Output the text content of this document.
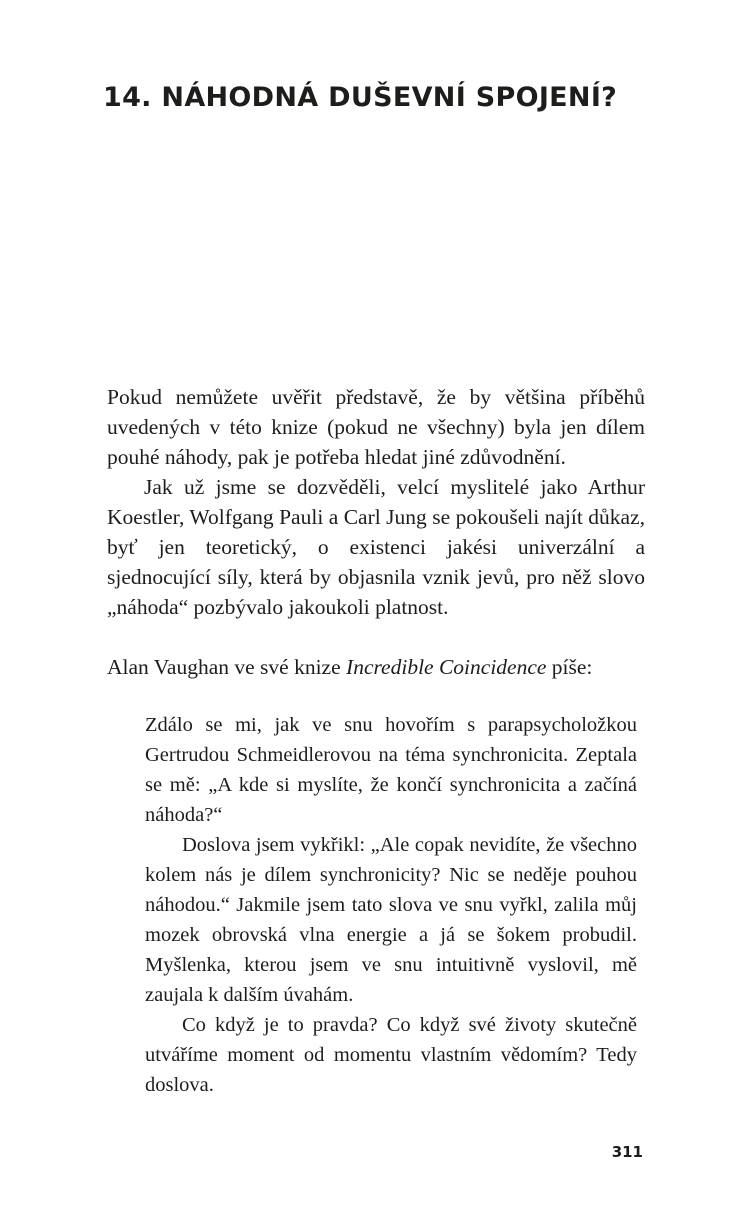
14. NÁHODNÁ DUŠEVNÍ SPOJENÍ?

Pokud nemůžete uvěřit představě, že by většina příběhů uvedených v této knize (pokud ne všechny) byla jen dílem pouhé náhody, pak je potřeba hledat jiné zdůvodnění.

Jak už jsme se dozvěděli, velcí myslitelé jako Arthur Koestler, Wolfgang Pauli a Carl Jung se pokoušeli najít důkaz, byť jen teoretický, o existenci jakési univerzální a sjednocující síly, která by objasnila vznik jevů, pro něž slovo „náhoda“ pozbývalo jakoukoli platnost.

Alan Vaughan ve své knize Incredible Coincidence píše:

Zdálo se mi, jak ve snu hovořím s parapsycholožkou Gertrudou Schmeidlerovou na téma synchronicita. Zeptala se mě: „A kde si myslíte, že končí synchronicita a začíná náhoda?“

Doslova jsem vykřikl: „Ale copak nevidíte, že všechno kolem nás je dílem synchronicity? Nic se neděje pouhou náhodou.“ Jakmile jsem tato slova ve snu vyřkl, zalila můj mozek obrovská vlna energie a já se šokem probudil. Myšlenka, kterou jsem ve snu intuitivně vyslovil, mě zaujala k dalším úvahám.

Co když je to pravda? Co když své životy skutečně utváříme moment od momentu vlastním vědomím? Tedy doslova.

311
